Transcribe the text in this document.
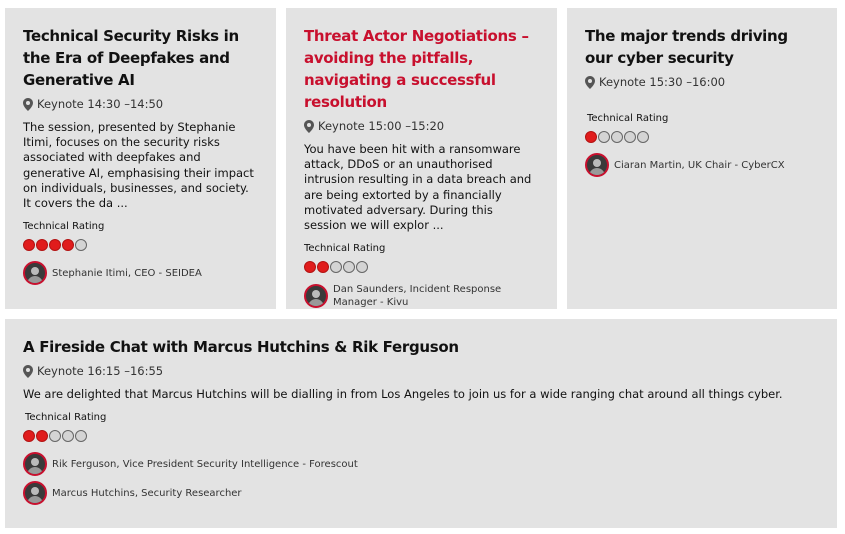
Technical Security Risks in the Era of Deepfakes and Generative AI
Keynote 14:30 –14:50
The session, presented by Stephanie Itimi, focuses on the security risks associated with deepfakes and generative AI, emphasising their impact on individuals, businesses, and society. It covers the da ...
Technical Rating
Stephanie Itimi, CEO - SEIDEA
Threat Actor Negotiations – avoiding the pitfalls, navigating a successful resolution
Keynote 15:00 –15:20
You have been hit with a ransomware attack, DDoS or an unauthorised intrusion resulting in a data breach and are being extorted by a financially motivated adversary. During this session we will explor ...
Technical Rating
Dan Saunders, Incident Response Manager - Kivu
The major trends driving our cyber security
Keynote 15:30 –16:00
Technical Rating
Ciaran Martin, UK Chair - CyberCX
A Fireside Chat with Marcus Hutchins & Rik Ferguson
Keynote 16:15 –16:55
We are delighted that Marcus Hutchins will be dialling in from Los Angeles to join us for a wide ranging chat around all things cyber.
Technical Rating
Rik Ferguson, Vice President Security Intelligence - Forescout
Marcus Hutchins, Security Researcher
